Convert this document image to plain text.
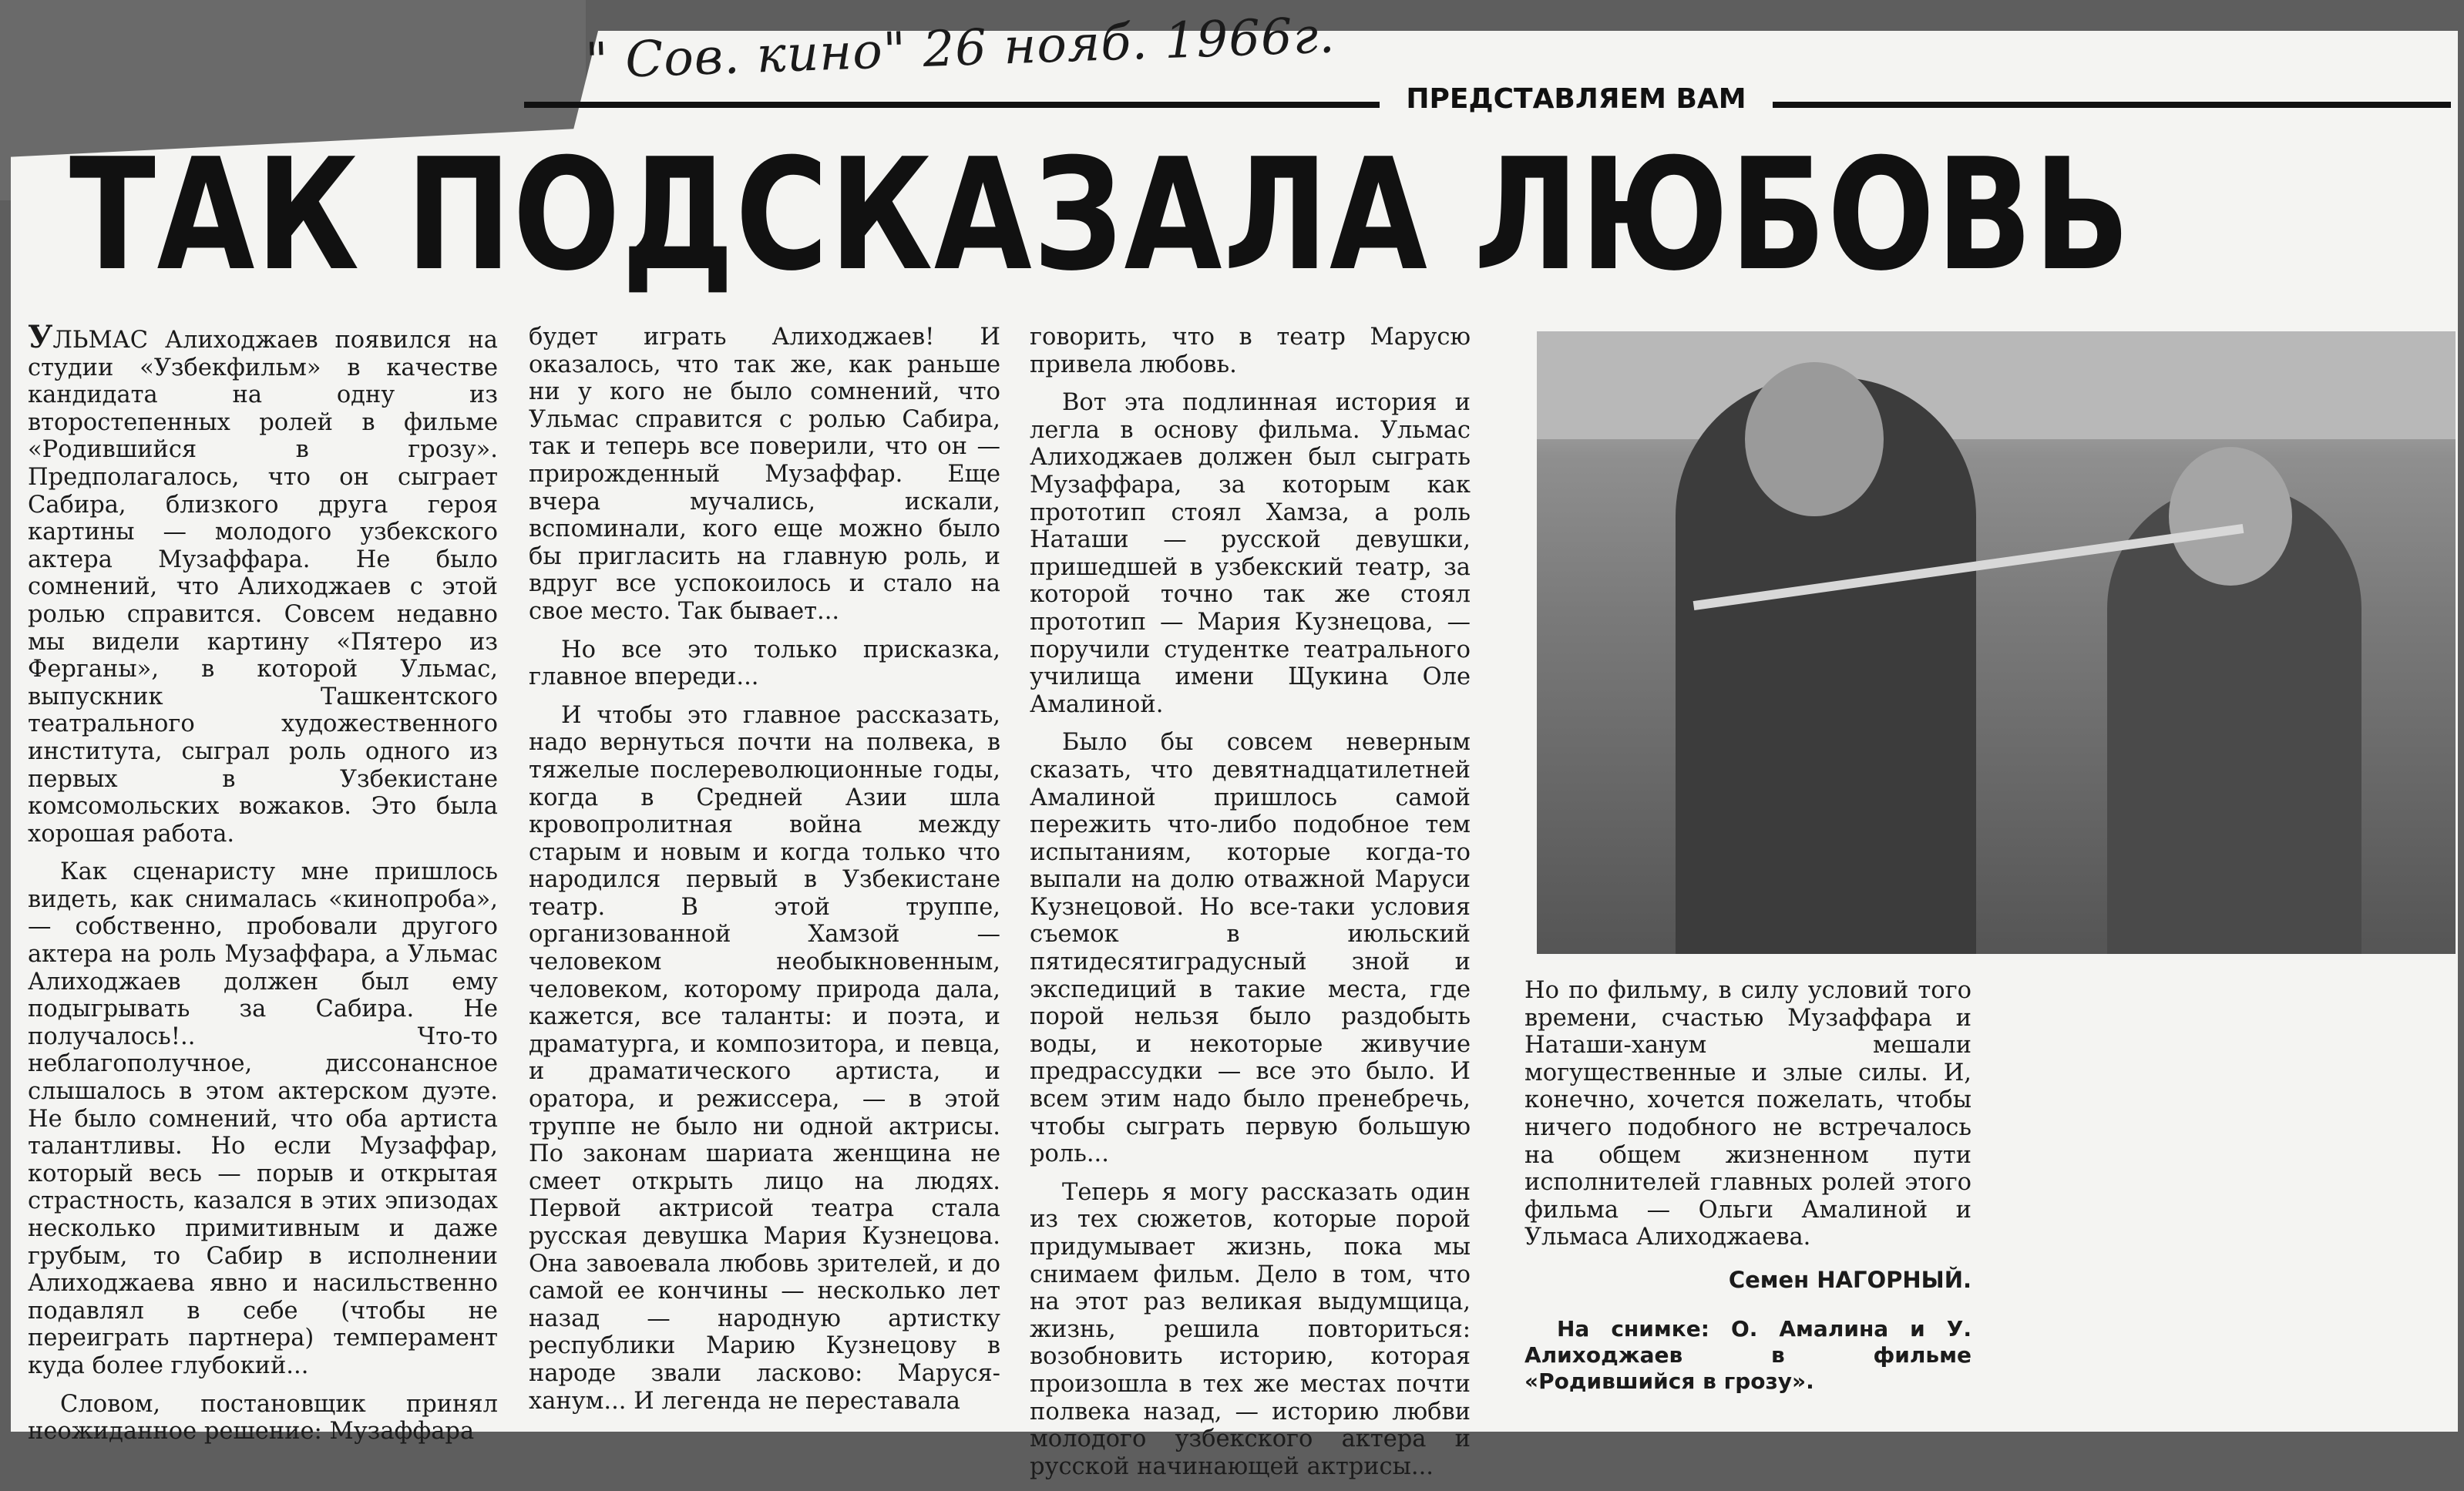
" Сов. кино" 26 нояб. 1966г.
ПРЕДСТАВЛЯЕМ ВАМ
ТАК ПОДСКАЗАЛА ЛЮБОВЬ

УЛЬМАС Алиходжаев появился на студии «Узбекфильм» в качестве кандидата на одну из второстепенных ролей в фильме «Родившийся в грозу». Предполагалось, что он сыграет Сабира, близкого друга героя картины — молодого узбекского актера Музаффара. Не было сомнений, что Алиходжаев с этой ролью справится. Совсем недавно мы видели картину «Пятеро из Ферганы», в которой Ульмас, выпускник Ташкентского театрального художественного института, сыграл роль одного из первых в Узбекистане комсомольских вожаков. Это была хорошая работа.

Как сценаристу мне пришлось видеть, как снималась «кинопроба», — собственно, пробовали другого актера на роль Музаффара, а Ульмас Алиходжаев должен был ему подыгрывать за Сабира. Не получалось!.. Что-то неблагополучное, диссонансное слышалось в этом актерском дуэте. Не было сомнений, что оба артиста талантливы. Но если Музаффар, который весь — порыв и открытая страстность, казался в этих эпизодах несколько примитивным и даже грубым, то Сабир в исполнении Алиходжаева явно и насильственно подавлял в себе (чтобы не переиграть партнера) темперамент куда более глубокий...

Словом, постановщик принял неожиданное решение: Музаффара

будет играть Алиходжаев! И оказалось, что так же, как раньше ни у кого не было сомнений, что Ульмас справится с ролью Сабира, так и теперь все поверили, что он — прирожденный Музаффар. Еще вчера мучались, искали, вспоминали, кого еще можно было бы пригласить на главную роль, и вдруг все успокоилось и стало на свое место. Так бывает...

Но все это только присказка, главное впереди...

И чтобы это главное рассказать, надо вернуться почти на полвека, в тяжелые послереволюционные годы, когда в Средней Азии шла кровопролитная война между старым и новым и когда только что народился первый в Узбекистане театр. В этой труппе, организованной Хамзой — человеком необыкновенным, человеком, которому природа дала, кажется, все таланты: и поэта, и драматурга, и композитора, и певца, и драматического артиста, и оратора, и режиссера, — в этой труппе не было ни одной актрисы. По законам шариата женщина не смеет открыть лицо на людях. Первой актрисой театра стала русская девушка Мария Кузнецова. Она завоевала любовь зрителей, и до самой ее кончины — несколько лет назад — народную артистку республики Марию Кузнецову в народе звали ласково: Маруся-ханум... И легенда не переставала

говорить, что в театр Марусю привела любовь.

Вот эта подлинная история и легла в основу фильма. Ульмас Алиходжаев должен был сыграть Музаффара, за которым как прототип стоял Хамза, а роль Наташи — русской девушки, пришедшей в узбекский театр, за которой точно так же стоял прототип — Мария Кузнецова, — поручили студентке театрального училища имени Щукина Оле Амалиной.

Было бы совсем неверным сказать, что девятнадцатилетней Амалиной пришлось самой пережить что-либо подобное тем испытаниям, которые когда-то выпали на долю отважной Маруси Кузнецовой. Но все-таки условия съемок в июльский пятидесятиградусный зной и экспедиций в такие места, где порой нельзя было раздобыть воды, и некоторые живучие предрассудки — все это было. И всем этим надо было пренебречь, чтобы сыграть первую большую роль...

Теперь я могу рассказать один из тех сюжетов, которые порой придумывает жизнь, пока мы снимаем фильм. Дело в том, что на этот раз великая выдумщица, жизнь, решила повториться: возобновить историю, которая произошла в тех же местах почти полвека назад, — историю любви молодого узбекского актера и русской начинающей актрисы...

Но по фильму, в силу условий того времени, счастью Музаффара и Наташи-ханум мешали могущественные и злые силы. И, конечно, хочется пожелать, чтобы ничего подобного не встречалось на общем жизненном пути исполнителей главных ролей этого фильма — Ольги Амалиной и Ульмаса Алиходжаева.

Семен НАГОРНЫЙ.

На снимке: О. Амалина и У. Алиходжаев в фильме «Родившийся в грозу».
